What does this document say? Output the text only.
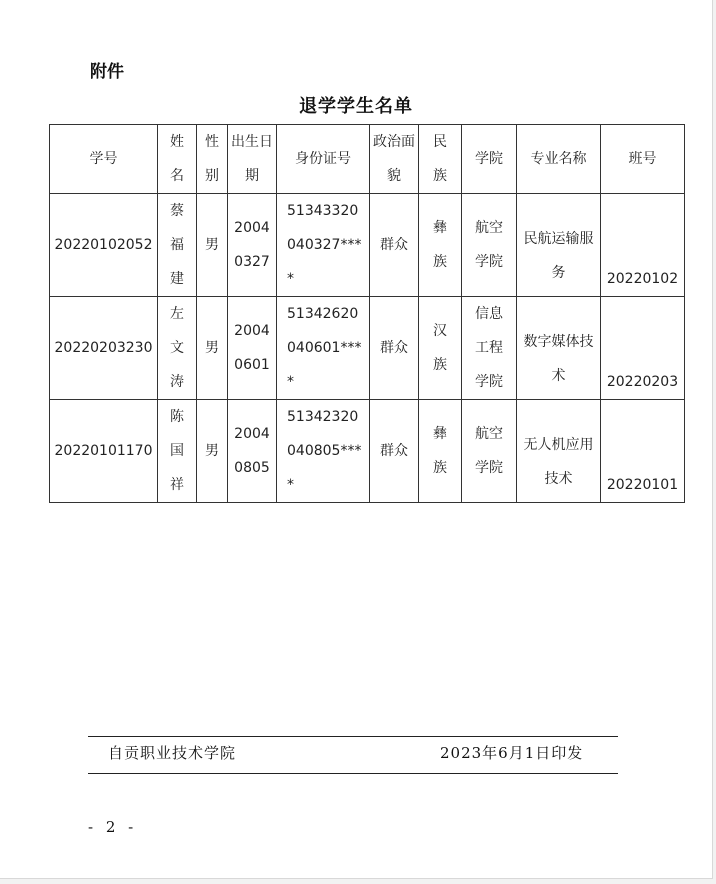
附件
退学学生名单
学号	姓名	性别	出生日期	身份证号	政治面貌	民族	学院	专业名称	班号
20220102052	蔡福建	男	20040327	51343320040327****	群众	彝族	航空学院	民航运输服务	20220102
20220203230	左文涛	男	20040601	51342620040601****	群众	汉族	信息工程学院	数字媒体技术	20220203
20220101170	陈国祥	男	20040805	51342320040805****	群众	彝族	航空学院	无人机应用技术	20220101
自贡职业技术学院	2023年6月1日印发
- 2 -
